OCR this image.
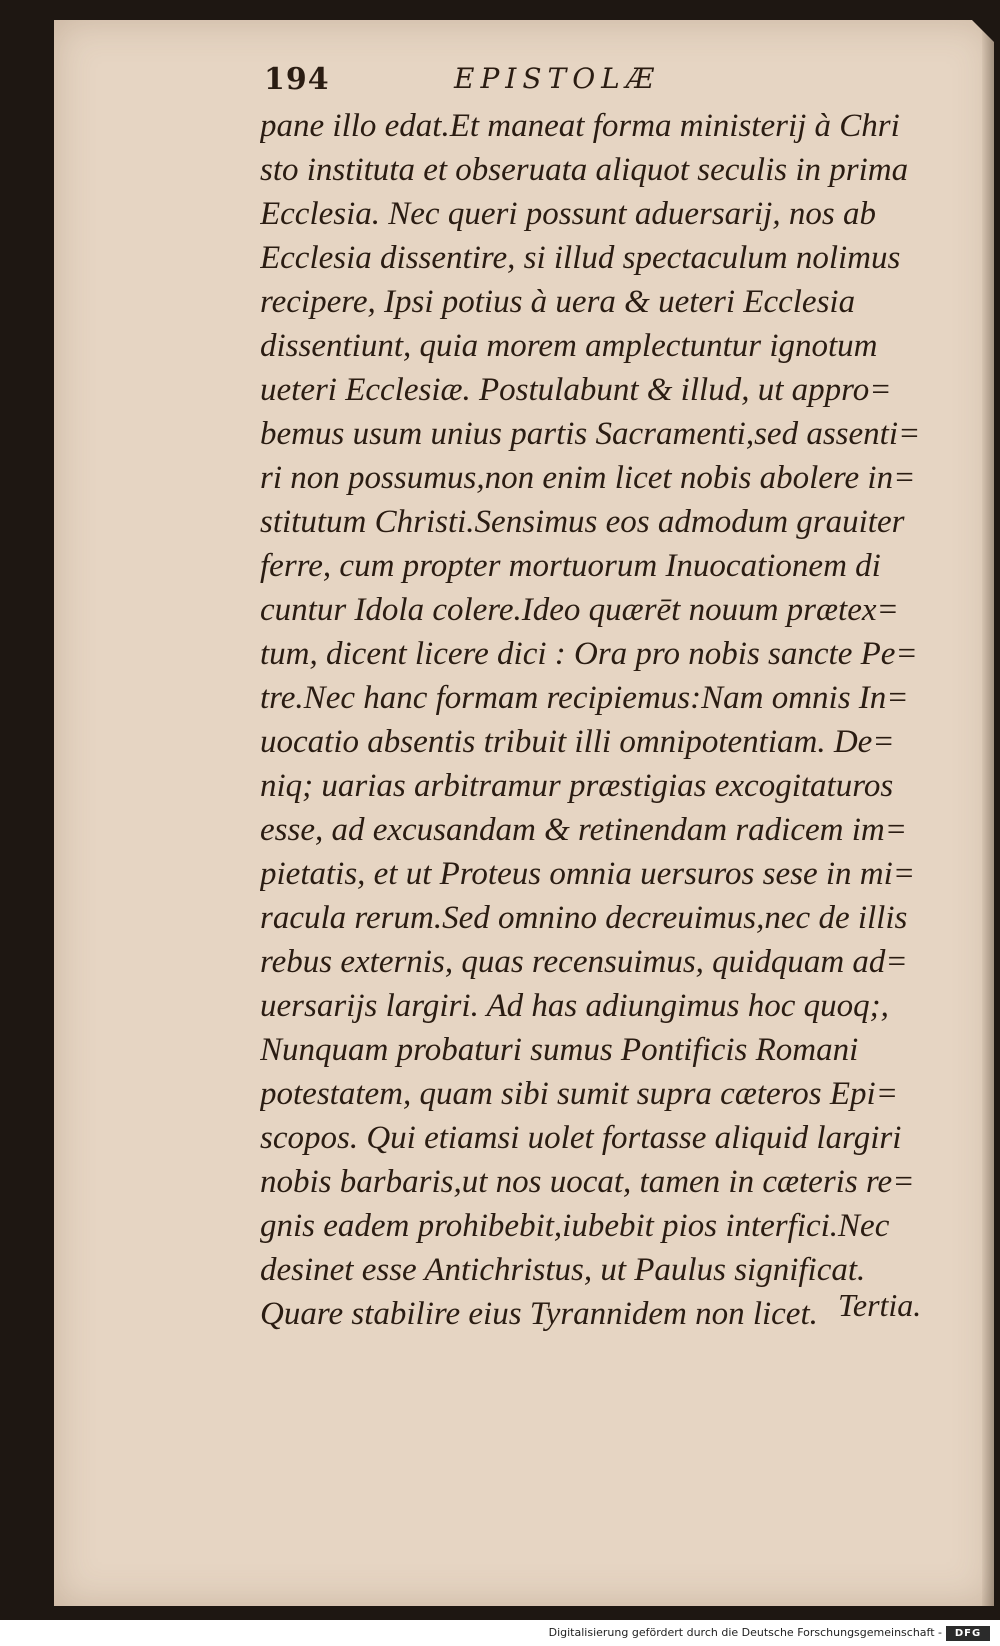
194	EPISTOLÆ
pane illo edat.Et maneat forma ministerij à Chri
sto instituta et obseruata aliquot seculis in prima
Ecclesia. Nec queri possunt aduersarij, nos ab
Ecclesia dissentire, si illud spectaculum nolimus
recipere, Ipsi potius à uera & ueteri Ecclesia
dissentiunt, quia morem amplectuntur ignotum
ueteri Ecclesiæ. Postulabunt & illud, ut appro=
bemus usum unius partis Sacramenti,sed assenti=
ri non possumus,non enim licet nobis abolere in=
stitutum Christi.Sensimus eos admodum grauiter
ferre, cum propter mortuorum Inuocationem di
cuntur Idola colere.Ideo quærēt nouum prætex=
tum, dicent licere dici : Ora pro nobis sancte Pe=
tre.Nec hanc formam recipiemus:Nam omnis In=
uocatio absentis tribuit illi omnipotentiam. De=
niq; uarias arbitramur præstigias excogitaturos
esse, ad excusandam & retinendam radicem im=
pietatis, et ut Proteus omnia uersuros sese in mi=
racula rerum.Sed omnino decreuimus,nec de illis
rebus externis, quas recensuimus, quidquam ad=
uersarijs largiri. Ad has adiungimus hoc quoq;,
Nunquam probaturi sumus Pontificis Romani
potestatem, quam sibi sumit supra cæteros Epi=
scopos. Qui etiamsi uolet fortasse aliquid largiri
nobis barbaris,ut nos uocat, tamen in cæteris re=
gnis eadem prohibebit,iubebit pios interfici.Nec
desinet esse Antichristus, ut Paulus significat.
Quare stabilire eius Tyrannidem non licet. Tertia.
Digitalisierung gefördert durch die Deutsche Forschungsgemeinschaft -	DFG
